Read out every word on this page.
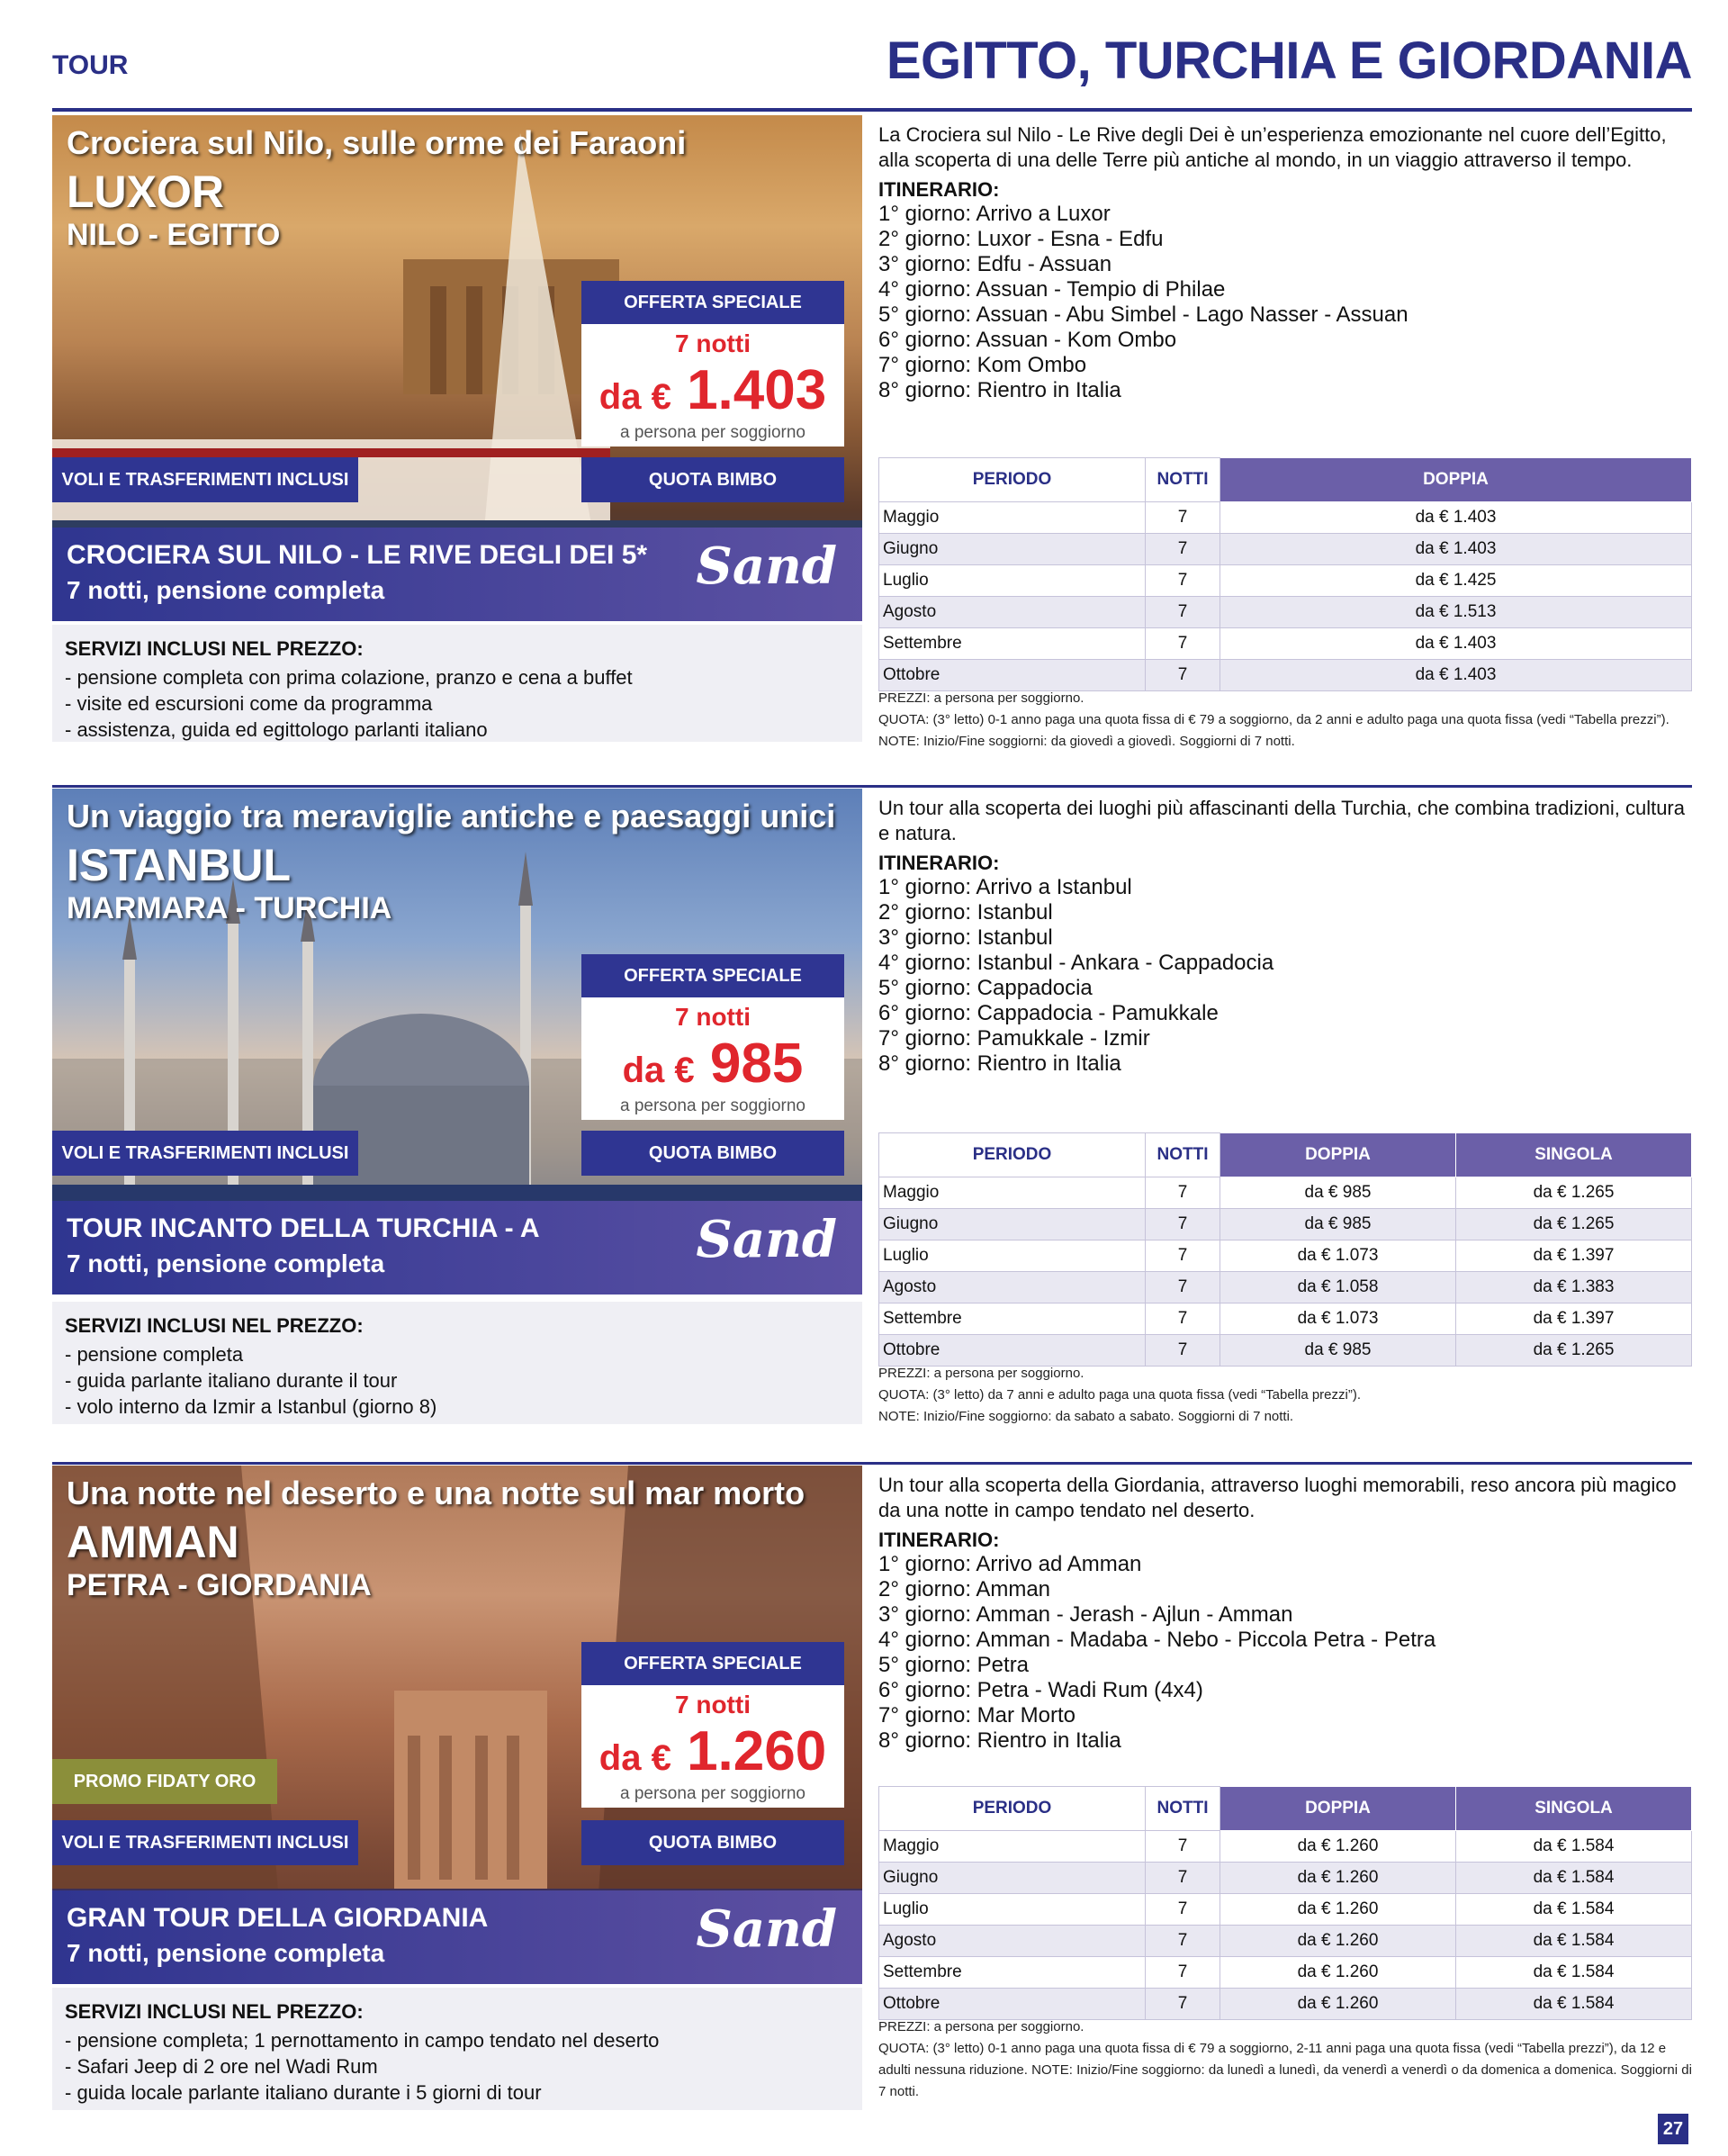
TOUR	EGITTO, TURCHIA E GIORDANIA
Crociera sul Nilo, sulle orme dei Faraoni
LUXOR
NILO - EGITTO
OFFERTA SPECIALE
7 notti
da € 1.403
a persona per soggiorno
VOLI E TRASFERIMENTI INCLUSI	QUOTA BIMBO
CROCIERA SUL NILO - LE RIVE DEGLI DEI 5*
7 notti, pensione completa	Sand
SERVIZI INCLUSI NEL PREZZO:
- pensione completa con prima colazione, pranzo e cena a buffet
- visite ed escursioni come da programma
- assistenza, guida ed egittologo parlanti italiano
La Crociera sul Nilo - Le Rive degli Dei è un’esperienza emozionante nel cuore dell’Egitto, alla scoperta di una delle Terre più antiche al mondo, in un viaggio attraverso il tempo.
ITINERARIO:
1° giorno: Arrivo a Luxor
2° giorno: Luxor - Esna - Edfu
3° giorno: Edfu - Assuan
4° giorno: Assuan - Tempio di Philae
5° giorno: Assuan - Abu Simbel - Lago Nasser - Assuan
6° giorno: Assuan - Kom Ombo
7° giorno: Kom Ombo
8° giorno: Rientro in Italia
PERIODO	NOTTI	DOPPIA
Maggio	7	da € 1.403
Giugno	7	da € 1.403
Luglio	7	da € 1.425
Agosto	7	da € 1.513
Settembre	7	da € 1.403
Ottobre	7	da € 1.403
PREZZI: a persona per soggiorno.
QUOTA: (3° letto) 0-1 anno paga una quota fissa di € 79 a soggiorno, da 2 anni e adulto paga una quota fissa (vedi “Tabella prezzi”). NOTE: Inizio/Fine soggiorni: da giovedì a giovedì. Soggiorni di 7 notti.
Un viaggio tra meraviglie antiche e paesaggi unici
ISTANBUL
MARMARA - TURCHIA
OFFERTA SPECIALE
7 notti
da € 985
a persona per soggiorno
VOLI E TRASFERIMENTI INCLUSI	QUOTA BIMBO
TOUR INCANTO DELLA TURCHIA - A
7 notti, pensione completa	Sand
SERVIZI INCLUSI NEL PREZZO:
- pensione completa
- guida parlante italiano durante il tour
- volo interno da Izmir a Istanbul (giorno 8)
Un tour alla scoperta dei luoghi più affascinanti della Turchia, che combina tradizioni, cultura e natura.
ITINERARIO:
1° giorno: Arrivo a Istanbul
2° giorno: Istanbul
3° giorno: Istanbul
4° giorno: Istanbul - Ankara - Cappadocia
5° giorno: Cappadocia
6° giorno: Cappadocia - Pamukkale
7° giorno: Pamukkale - Izmir
8° giorno: Rientro in Italia
PERIODO	NOTTI	DOPPIA	SINGOLA
Maggio	7	da € 985	da € 1.265
Giugno	7	da € 985	da € 1.265
Luglio	7	da € 1.073	da € 1.397
Agosto	7	da € 1.058	da € 1.383
Settembre	7	da € 1.073	da € 1.397
Ottobre	7	da € 985	da € 1.265
PREZZI: a persona per soggiorno.
QUOTA: (3° letto) da 7 anni e adulto paga una quota fissa (vedi “Tabella prezzi”).
NOTE: Inizio/Fine soggiorno: da sabato a sabato. Soggiorni di 7 notti.
Una notte nel deserto e una notte sul mar morto
AMMAN
PETRA - GIORDANIA
OFFERTA SPECIALE
7 notti
da € 1.260
a persona per soggiorno
PROMO FIDATY ORO
VOLI E TRASFERIMENTI INCLUSI	QUOTA BIMBO
GRAN TOUR DELLA GIORDANIA
7 notti, pensione completa	Sand
SERVIZI INCLUSI NEL PREZZO:
- pensione completa; 1 pernottamento in campo tendato nel deserto
- Safari Jeep di 2 ore nel Wadi Rum
- guida locale parlante italiano durante i 5 giorni di tour
Un tour alla scoperta della Giordania, attraverso luoghi memorabili, reso ancora più magico da una notte in campo tendato nel deserto.
ITINERARIO:
1° giorno: Arrivo ad Amman
2° giorno: Amman
3° giorno: Amman - Jerash - Ajlun - Amman
4° giorno: Amman - Madaba - Nebo - Piccola Petra - Petra
5° giorno: Petra
6° giorno: Petra - Wadi Rum (4x4)
7° giorno: Mar Morto
8° giorno: Rientro in Italia
PERIODO	NOTTI	DOPPIA	SINGOLA
Maggio	7	da € 1.260	da € 1.584
Giugno	7	da € 1.260	da € 1.584
Luglio	7	da € 1.260	da € 1.584
Agosto	7	da € 1.260	da € 1.584
Settembre	7	da € 1.260	da € 1.584
Ottobre	7	da € 1.260	da € 1.584
PREZZI: a persona per soggiorno.
QUOTA: (3° letto) 0-1 anno paga una quota fissa di € 79 a soggiorno, 2-11 anni paga una quota fissa (vedi “Tabella prezzi”), da 12 e adulti nessuna riduzione. NOTE: Inizio/Fine soggiorno: da lunedì a lunedì, da venerdì a venerdì o da domenica a domenica. Soggiorni di 7 notti.
27
